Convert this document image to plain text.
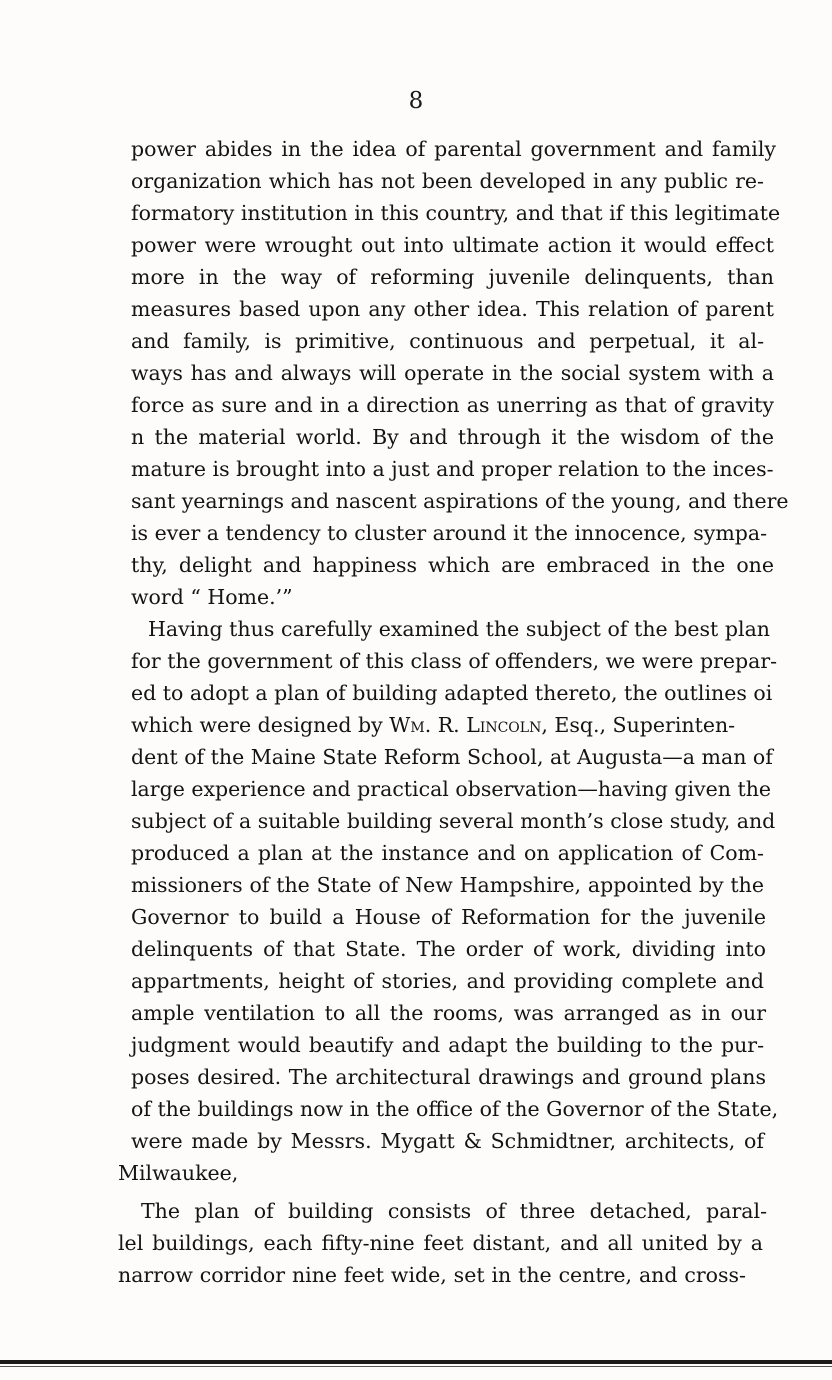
8
power abides in the idea of parental government and family
organization which has not been developed in any public re-
formatory institution in this country, and that if this legitimate
power were wrought out into ultimate action it would effect
more in the way of reforming juvenile delinquents, than
measures based upon any other idea. This relation of parent
and family, is primitive, continuous and perpetual, it al-
ways has and always will operate in the social system with a
force as sure and in a direction as unerring as that of gravity
n the material world. By and through it the wisdom of the
mature is brought into a just and proper relation to the inces-
sant yearnings and nascent aspirations of the young, and there
is ever a tendency to cluster around it the innocence, sympa-
thy, delight and happiness which are embraced in the one
word “ Home.’”
Having thus carefully examined the subject of the best plan
for the government of this class of offenders, we were prepar-
ed to adopt a plan of building adapted thereto, the outlines oi
which were designed by Wm. R. Lincoln, Esq., Superinten-
dent of the Maine State Reform School, at Augusta—a man of
large experience and practical observation—having given the
subject of a suitable building several month’s close study, and
produced a plan at the instance and on application of Com-
missioners of the State of New Hampshire, appointed by the
Governor to build a House of Reformation for the juvenile
delinquents of that State. The order of work, dividing into
appartments, height of stories, and providing complete and
ample ventilation to all the rooms, was arranged as in our
judgment would beautify and adapt the building to the pur-
poses desired. The architectural drawings and ground plans
of the buildings now in the office of the Governor of the State,
were made by Messrs. Mygatt & Schmidtner, architects, of
Milwaukee,
The plan of building consists of three detached, paral-
lel buildings, each fifty-nine feet distant, and all united by a
narrow corridor nine feet wide, set in the centre, and cross-
